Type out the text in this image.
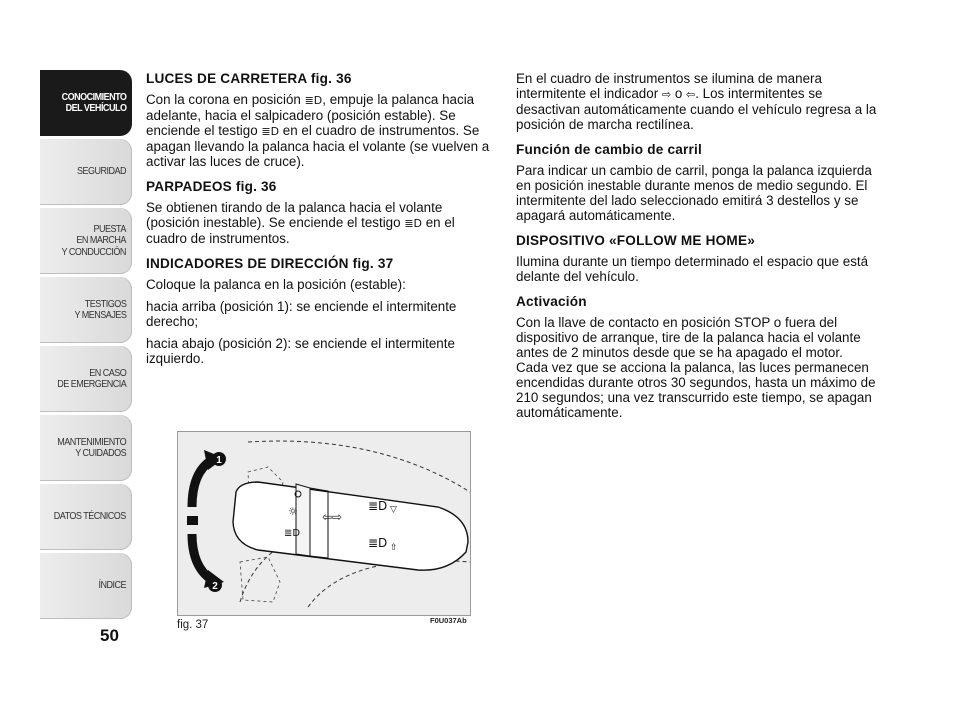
CONOCIMIENTO
DEL VEHÍCULO
SEGURIDAD
PUESTA
EN MARCHA
Y CONDUCCIÓN
TESTIGOS
Y MENSAJES
EN CASO
DE EMERGENCIA
MANTENIMIENTO
Y CUIDADOS
DATOS TÉCNICOS
ÍNDICE
50
LUCES DE CARRETERA fig. 36

Con la corona en posición ≣D, empuje la palanca hacia adelante, hacia el salpicadero (posición estable). Se enciende el testigo ≣D en el cuadro de instrumentos. Se apagan llevando la palanca hacia el volante (se vuelven a activar las luces de cruce).

PARPADEOS fig. 36

Se obtienen tirando de la palanca hacia el volante (posición inestable). Se enciende el testigo ≣D en el cuadro de instrumentos.

INDICADORES DE DIRECCIÓN fig. 37

Coloque la palanca en la posición (estable):

hacia arriba (posición 1): se enciende el intermitente derecho;

hacia abajo (posición 2): se enciende el intermitente izquierdo.

En el cuadro de instrumentos se ilumina de manera intermitente el indicador ⇨ o ⇦. Los intermitentes se desactivan automáticamente cuando el vehículo regresa a la posición de marcha rectilínea.

Función de cambio de carril

Para indicar un cambio de carril, ponga la palanca izquierda en posición inestable durante menos de medio segundo. El intermitente del lado seleccionado emitirá 3 destellos y se apagará automáticamente.

DISPOSITIVO «FOLLOW ME HOME»

Ilumina durante un tiempo determinado el espacio que está delante del vehículo.

Activación

Con la llave de contacto en posición STOP o fuera del dispositivo de arranque, tire de la palanca hacia el volante antes de 2 minutos desde que se ha apagado el motor.

Cada vez que se acciona la palanca, las luces permanecen encendidas durante otros 30 segundos, hasta un máximo de 210 segundos; una vez transcurrido este tiempo, se apagan automáticamente.

☼
≣D
⇦⇨
≣D ▽
≣D ⇧
1
2
fig. 37	F0U037Ab
